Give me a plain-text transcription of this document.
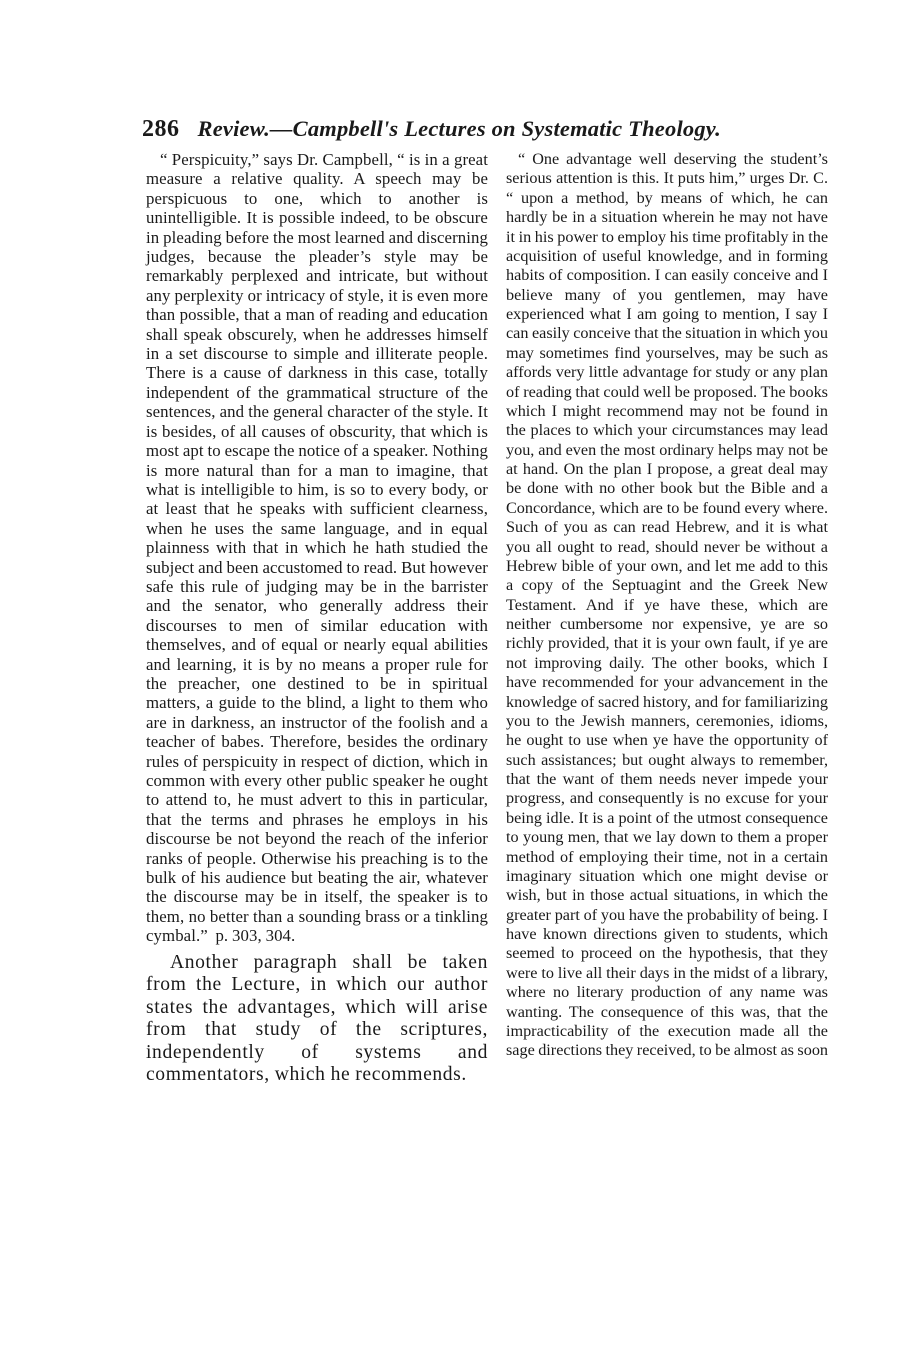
286 Review.—Campbell's Lectures on Systematic Theology.

“ Perspicuity,” says Dr. Campbell, “ is in a great measure a relative quality. A speech may be perspicuous to one, which to another is unintelligible. It is possible indeed, to be obscure in pleading before the most learned and discerning judges, because the pleader’s style may be remarkably perplexed and intricate, but without any perplexity or intricacy of style, it is even more than possible, that a man of reading and education shall speak obscurely, when he addresses himself in a set discourse to simple and illiterate people. There is a cause of darkness in this case, totally independent of the grammatical structure of the sentences, and the general character of the style. It is besides, of all causes of obscurity, that which is most apt to escape the notice of a speaker. Nothing is more natural than for a man to imagine, that what is intelligible to him, is so to every body, or at least that he speaks with sufficient clearness, when he uses the same language, and in equal plainness with that in which he hath studied the subject and been accustomed to read. But however safe this rule of judging may be in the barrister and the senator, who generally address their discourses to men of similar education with themselves, and of equal or nearly equal abilities and learning, it is by no means a proper rule for the preacher, one destined to be in spiritual matters, a guide to the blind, a light to them who are in darkness, an instructor of the foolish and a teacher of babes. Therefore, besides the ordinary rules of perspicuity in respect of diction, which in common with every other public speaker he ought to attend to, he must advert to this in particular, that the terms and phrases he employs in his discourse be not beyond the reach of the inferior ranks of people. Otherwise his preaching is to the bulk of his audience but beating the air, whatever the discourse may be in itself, the speaker is to them, no better than a sounding brass or a tinkling cymbal.” p. 303, 304.

Another paragraph shall be taken from the Lecture, in which our author states the advantages, which will arise from that study of the scriptures, independently of systems and commentators, which he recommends.

“ One advantage well deserving the student’s serious attention is this. It puts him,” urges Dr. C. “ upon a method, by means of which, he can hardly be in a situation wherein he may not have it in his power to employ his time profitably in the acquisition of useful knowledge, and in forming habits of composition. I can easily conceive and I believe many of you gentlemen, may have experienced what I am going to mention, I say I can easily conceive that the situation in which you may sometimes find yourselves, may be such as affords very little advantage for study or any plan of reading that could well be proposed. The books which I might recommend may not be found in the places to which your circumstances may lead you, and even the most ordinary helps may not be at hand. On the plan I propose, a great deal may be done with no other book but the Bible and a Concordance, which are to be found every where. Such of you as can read Hebrew, and it is what you all ought to read, should never be without a Hebrew bible of your own, and let me add to this a copy of the Septuagint and the Greek New Testament. And if ye have these, which are neither cumbersome nor expensive, ye are so richly provided, that it is your own fault, if ye are not improving daily. The other books, which I have recommended for your advancement in the knowledge of sacred history, and for familiarizing you to the Jewish manners, ceremonies, idioms, he ought to use when ye have the opportunity of such assistances; but ought always to remember, that the want of them needs never impede your progress, and consequently is no excuse for your being idle. It is a point of the utmost consequence to young men, that we lay down to them a proper method of employing their time, not in a certain imaginary situation which one might devise or wish, but in those actual situations, in which the greater part of you have the probability of being. I have known directions given to students, which seemed to proceed on the hypothesis, that they were to live all their days in the midst of a library, where no literary production of any name was wanting. The consequence of this was, that the impracticability of the execution made all the sage directions they received, to be almost as soon
